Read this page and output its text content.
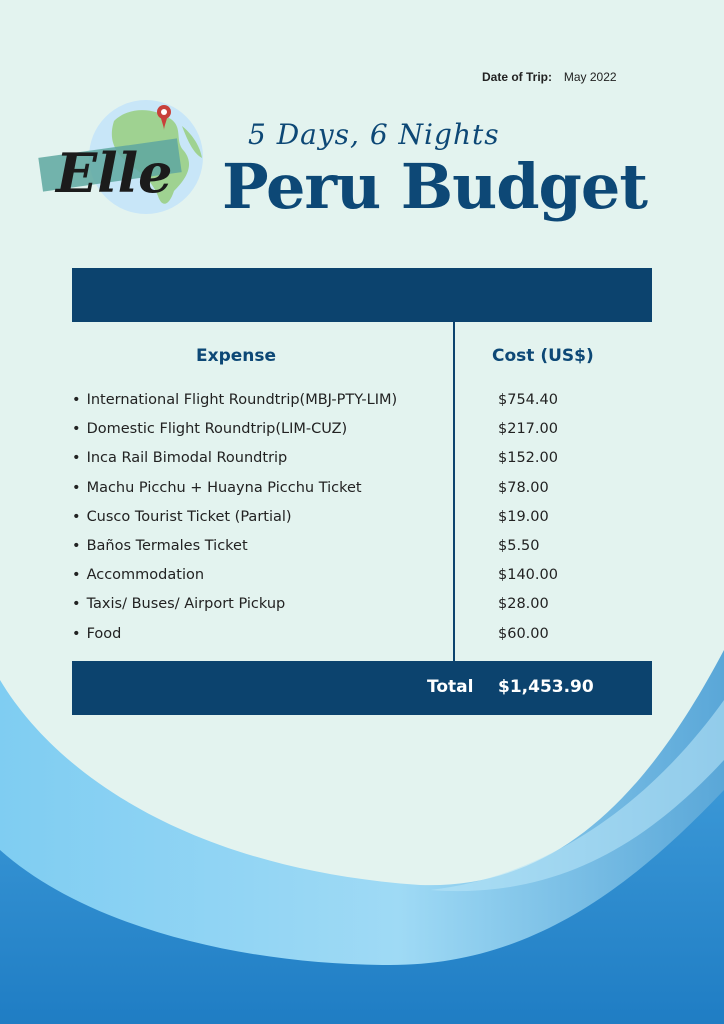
Date of Trip: May 2022
Elle
5 Days, 6 Nights
Peru Budget
Expense	Cost (US$)
• International Flight Roundtrip(MBJ-PTY-LIM)	$754.40
• Domestic Flight Roundtrip(LIM-CUZ)	$217.00
• Inca Rail Bimodal Roundtrip	$152.00
• Machu Picchu + Huayna Picchu Ticket	$78.00
• Cusco Tourist Ticket (Partial)	$19.00
• Baños Termales Ticket	$5.50
• Accommodation	$140.00
• Taxis/ Buses/ Airport Pickup	$28.00
• Food	$60.00
Total $1,453.90
